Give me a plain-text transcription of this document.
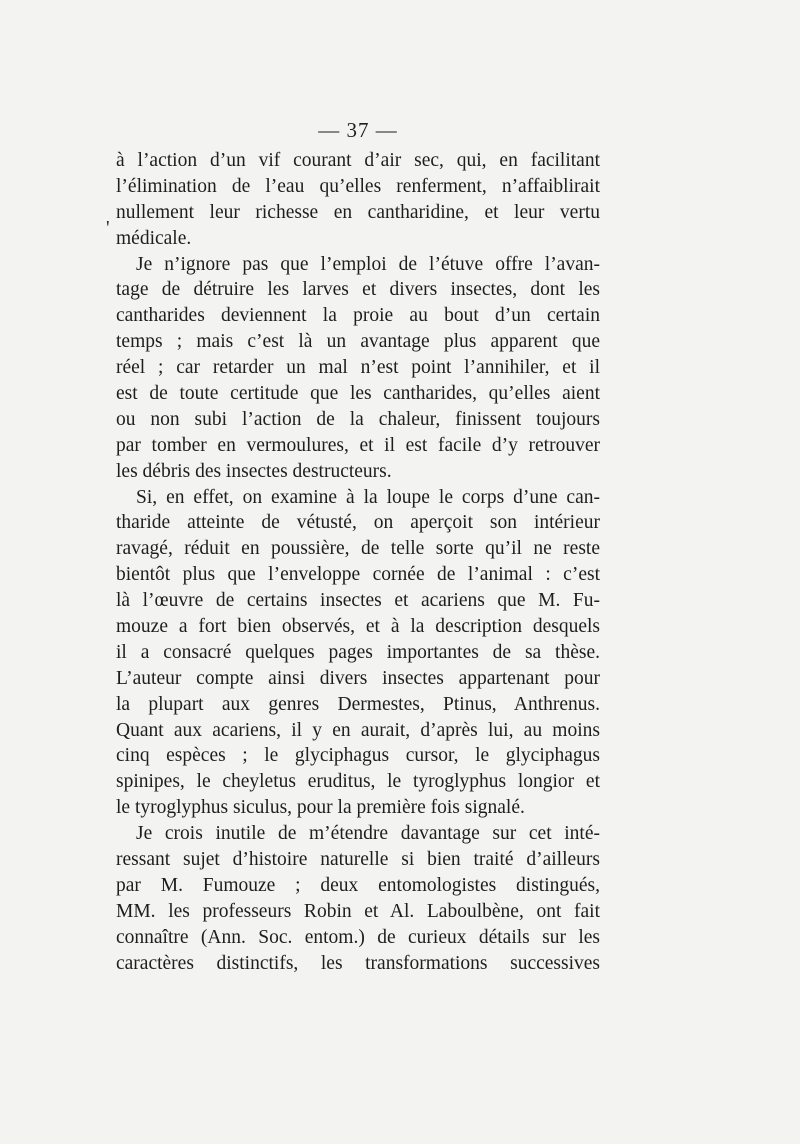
— 37 —
'
à l’action d’un vif courant d’air sec, qui, en facilitant
l’élimination de l’eau qu’elles renferment, n’affaiblirait
nullement leur richesse en cantharidine, et leur vertu
médicale.
Je n’ignore pas que l’emploi de l’étuve offre l’avan-
tage de détruire les larves et divers insectes, dont les
cantharides deviennent la proie au bout d’un certain
temps ; mais c’est là un avantage plus apparent que
réel ; car retarder un mal n’est point l’annihiler, et il
est de toute certitude que les cantharides, qu’elles aient
ou non subi l’action de la chaleur, finissent toujours
par tomber en vermoulures, et il est facile d’y retrouver
les débris des insectes destructeurs.
Si, en effet, on examine à la loupe le corps d’une can-
tharide atteinte de vétusté, on aperçoit son intérieur
ravagé, réduit en poussière, de telle sorte qu’il ne reste
bientôt plus que l’enveloppe cornée de l’animal : c’est
là l’œuvre de certains insectes et acariens que M. Fu-
mouze a fort bien observés, et à la description desquels
il a consacré quelques pages importantes de sa thèse.
L’auteur compte ainsi divers insectes appartenant pour
la plupart aux genres Dermestes, Ptinus, Anthrenus.
Quant aux acariens, il y en aurait, d’après lui, au moins
cinq espèces ; le glyciphagus cursor, le glyciphagus
spinipes, le cheyletus eruditus, le tyroglyphus longior et
le tyroglyphus siculus, pour la première fois signalé.
Je crois inutile de m’étendre davantage sur cet inté-
ressant sujet d’histoire naturelle si bien traité d’ailleurs
par M. Fumouze ; deux entomologistes distingués,
MM. les professeurs Robin et Al. Laboulbène, ont fait
connaître (Ann. Soc. entom.) de curieux détails sur les
caractères distinctifs, les transformations successives
